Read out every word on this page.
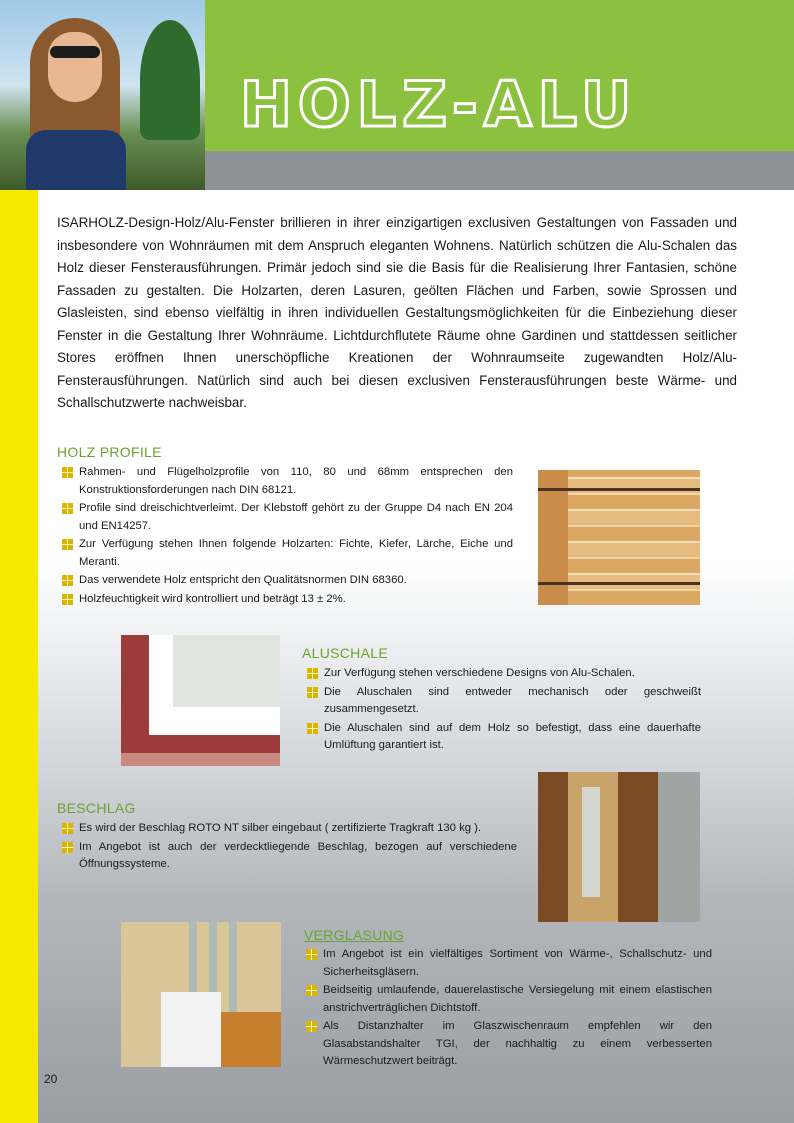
HOLZ-ALU

ISARHOLZ-Design-Holz/Alu-Fenster brillieren in ihrer einzigartigen exclusiven Gestaltungen von Fassaden und insbesondere von Wohnräumen mit dem Anspruch eleganten Wohnens. Natürlich schützen die Alu-Schalen das Holz dieser Fensterausführungen. Primär jedoch sind sie die Basis für die Realisierung Ihrer Fantasien, schöne Fassaden zu gestalten. Die Holzarten, deren Lasuren, geölten Flächen und Farben, sowie Sprossen und Glasleisten, sind ebenso vielfältig in ihren individuellen Gestaltungsmöglichkeiten für die Einbeziehung dieser Fenster in die Gestaltung Ihrer Wohnräume. Lichtdurchflutete Räume ohne Gardinen und stattdessen seitlicher Stores eröffnen Ihnen unerschöpfliche Kreationen der Wohnraumseite zugewandten Holz/Alu-Fensterausführungen. Natürlich sind auch bei diesen exclusiven Fensterausführungen beste Wärme- und Schallschutzwerte nachweisbar.

HOLZ PROFILE
Rahmen- und Flügelholzprofile von 110, 80 und 68mm entsprechen den Konstruktionsforderungen nach DIN 68121.
Profile sind dreischichtverleimt. Der Klebstoff gehört zu der Gruppe D4 nach EN 204 und EN14257.
Zur Verfügung stehen Ihnen folgende Holzarten: Fichte, Kiefer, Lärche, Eiche und Meranti.
Das verwendete Holz entspricht den Qualitätsnormen DIN 68360.
Holzfeuchtigkeit wird kontrolliert und beträgt 13 ± 2%.
ALUSCHALE
Zur Verfügung stehen verschiedene Designs von Alu-Schalen.
Die Aluschalen sind entweder mechanisch oder geschweißt zusammengesetzt.
Die Aluschalen sind auf dem Holz so befestigt, dass eine dauerhafte Umlüftung garantiert ist.
BESCHLAG
Es wird der Beschlag ROTO NT silber eingebaut ( zertifizierte Tragkraft 130 kg ).
Im Angebot ist auch der verdecktliegende Beschlag, bezogen auf verschiedene Öffnungssysteme.
VERGLASUNG
Im Angebot ist ein vielfältiges Sortiment von Wärme-, Schallschutz- und Sicherheitsgläsern.
Beidseitig umlaufende, dauerelastische Versiegelung mit einem elastischen anstrichverträglichen Dichtstoff.
Als Distanzhalter im Glaszwischenraum empfehlen wir den Glasabstandshalter TGI, der nachhaltig zu einem verbesserten Wärmeschutzwert beiträgt.

20
